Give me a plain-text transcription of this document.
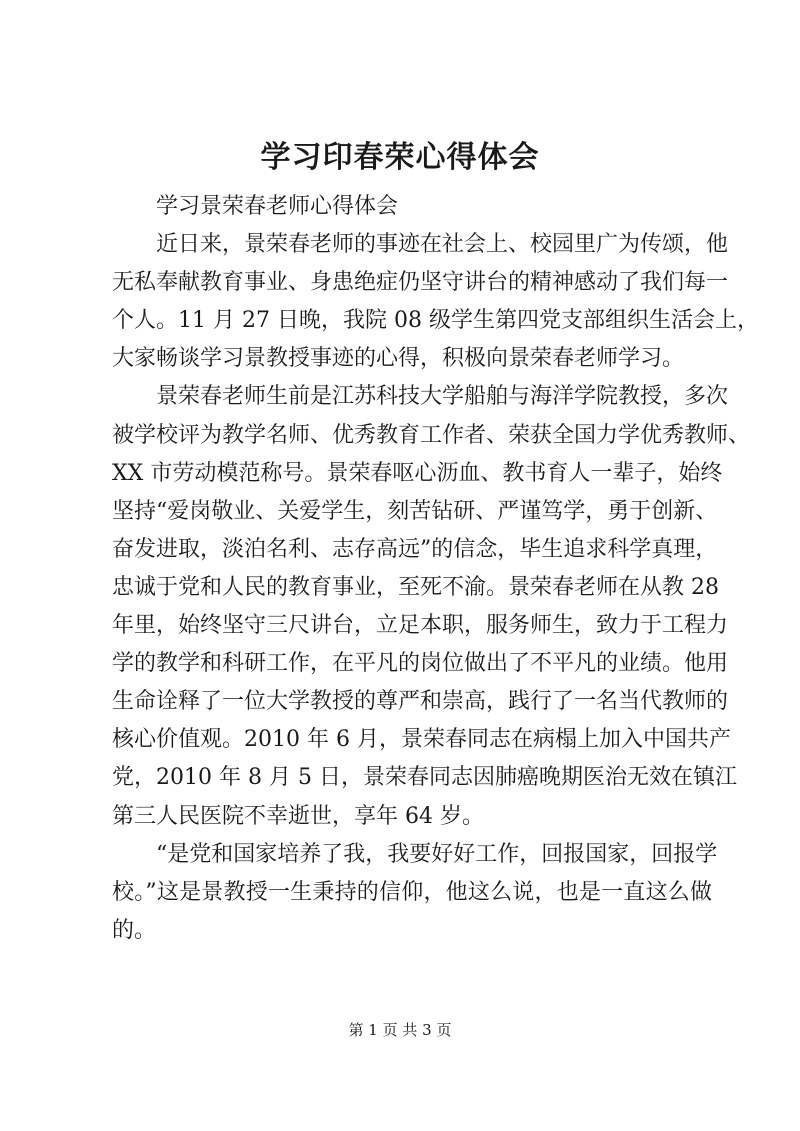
学习印春荣心得体会
学习景荣春老师心得体会
近日来，景荣春老师的事迹在社会上、校园里广为传颂，他
无私奉献教育事业、身患绝症仍坚守讲台的精神感动了我们每一
个人。11 月 27 日晚，我院 08 级学生第四党支部组织生活会上，
大家畅谈学习景教授事迹的心得，积极向景荣春老师学习。
景荣春老师生前是江苏科技大学船舶与海洋学院教授，多次
被学校评为教学名师、优秀教育工作者、荣获全国力学优秀教师、
XX 市劳动模范称号。景荣春呕心沥血、教书育人一辈子，始终
坚持“爱岗敬业、关爱学生，刻苦钻研、严谨笃学，勇于创新、
奋发进取，淡泊名利、志存高远”的信念，毕生追求科学真理，
忠诚于党和人民的教育事业，至死不渝。景荣春老师在从教 28
年里，始终坚守三尺讲台，立足本职，服务师生，致力于工程力
学的教学和科研工作，在平凡的岗位做出了不平凡的业绩。他用
生命诠释了一位大学教授的尊严和崇高，践行了一名当代教师的
核心价值观。2010 年 6 月，景荣春同志在病榻上加入中国共产
党，2010 年 8 月 5 日，景荣春同志因肺癌晚期医治无效在镇江
第三人民医院不幸逝世，享年 64 岁。
“是党和国家培养了我，我要好好工作，回报国家，回报学
校。”这是景教授一生秉持的信仰，他这么说，也是一直这么做
的。
第 1 页 共 3 页
